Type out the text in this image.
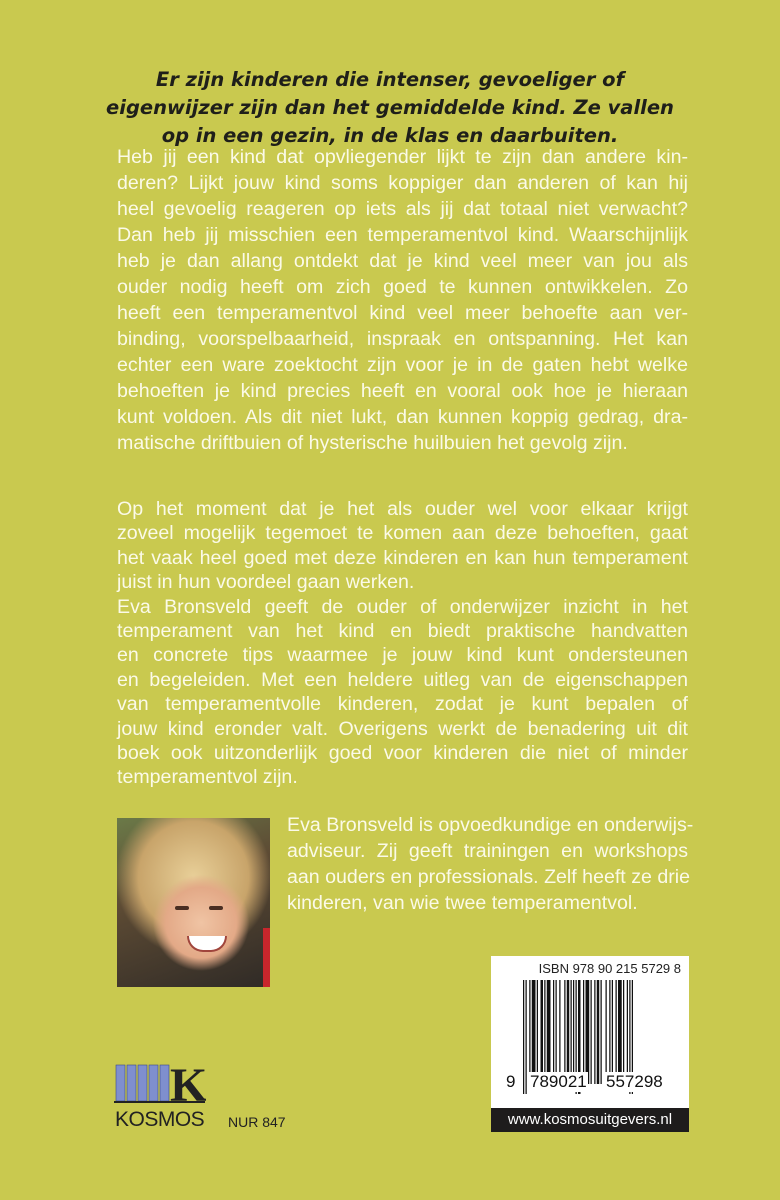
Er zijn kinderen die intenser, gevoeliger of
eigenwijzer zijn dan het gemiddelde kind. Ze vallen
op in een gezin, in de klas en daarbuiten.
Heb jij een kind dat opvliegender lijkt te zijn dan andere kin-
deren? Lijkt jouw kind soms koppiger dan anderen of kan hij
heel gevoelig reageren op iets als jij dat totaal niet verwacht?
Dan heb jij misschien een temperamentvol kind. Waarschijnlijk
heb je dan allang ontdekt dat je kind veel meer van jou als
ouder nodig heeft om zich goed te kunnen ontwikkelen. Zo
heeft een temperamentvol kind veel meer behoefte aan ver-
binding, voorspelbaarheid, inspraak en ontspanning. Het kan
echter een ware zoektocht zijn voor je in de gaten hebt welke
behoeften je kind precies heeft en vooral ook hoe je hieraan
kunt voldoen. Als dit niet lukt, dan kunnen koppig gedrag, dra-
matische driftbuien of hysterische huilbuien het gevolg zijn.
Op het moment dat je het als ouder wel voor elkaar krijgt
zoveel mogelijk tegemoet te komen aan deze behoeften, gaat
het vaak heel goed met deze kinderen en kan hun temperament
juist in hun voordeel gaan werken.
Eva Bronsveld geeft de ouder of onderwijzer inzicht in het
temperament van het kind en biedt praktische handvatten
en concrete tips waarmee je jouw kind kunt ondersteunen
en begeleiden. Met een heldere uitleg van de eigenschappen
van temperamentvolle kinderen, zodat je kunt bepalen of
jouw kind eronder valt. Overigens werkt de benadering uit dit
boek ook uitzonderlijk goed voor kinderen die niet of minder
temperamentvol zijn.
Eva Bronsveld is opvoedkundige en onderwijs-
adviseur. Zij geeft trainingen en workshops
aan ouders en professionals. Zelf heeft ze drie
kinderen, van wie twee temperamentvol.
ISBN 978 90 215 5729 8
9 789021 557298
www.kosmosuitgevers.nl
K
KOSMOS NUR 847
